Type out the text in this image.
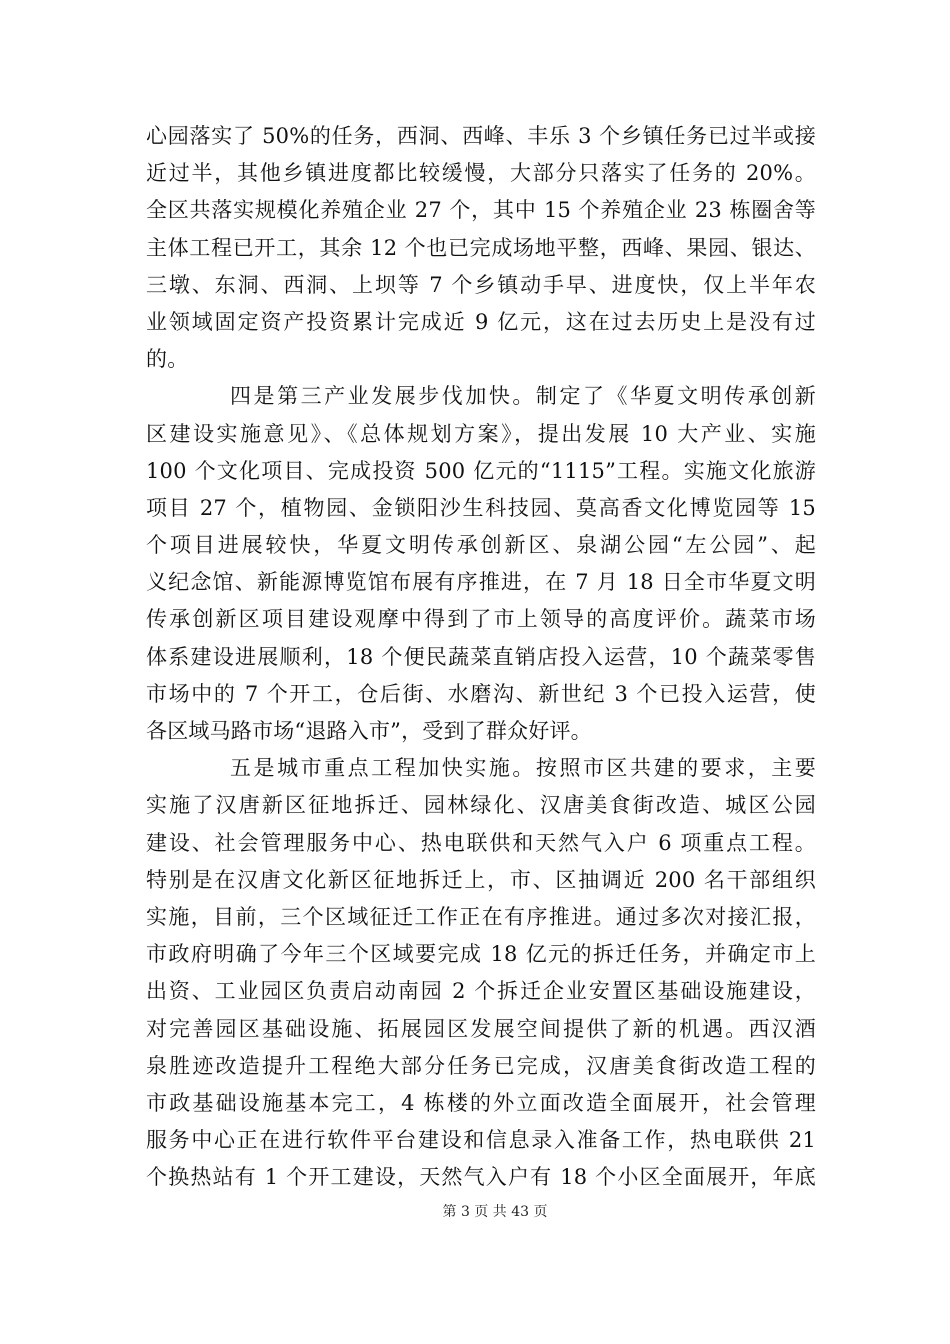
心园落实了 50%的任务，西洞、西峰、丰乐 3 个乡镇任务已过半或接
近过半，其他乡镇进度都比较缓慢，大部分只落实了任务的 20%。
全区共落实规模化养殖企业 27 个，其中 15 个养殖企业 23 栋圈舍等
主体工程已开工，其余 12 个也已完成场地平整，西峰、果园、银达、
三墩、东洞、西洞、上坝等 7 个乡镇动手早、进度快，仅上半年农
业领域固定资产投资累计完成近 9 亿元，这在过去历史上是没有过
的。
四是第三产业发展步伐加快。制定了《华夏文明传承创新
区建设实施意见》、《总体规划方案》，提出发展 10 大产业、实施
100 个文化项目、完成投资 500 亿元的“1115”工程。实施文化旅游
项目 27 个，植物园、金锁阳沙生科技园、莫高香文化博览园等 15
个项目进展较快，华夏文明传承创新区、泉湖公园“左公园”、起
义纪念馆、新能源博览馆布展有序推进，在 7 月 18 日全市华夏文明
传承创新区项目建设观摩中得到了市上领导的高度评价。蔬菜市场
体系建设进展顺利，18 个便民蔬菜直销店投入运营，10 个蔬菜零售
市场中的 7 个开工，仓后街、水磨沟、新世纪 3 个已投入运营，使
各区域马路市场“退路入市”，受到了群众好评。
五是城市重点工程加快实施。按照市区共建的要求，主要
实施了汉唐新区征地拆迁、园林绿化、汉唐美食街改造、城区公园
建设、社会管理服务中心、热电联供和天然气入户 6 项重点工程。
特别是在汉唐文化新区征地拆迁上，市、区抽调近 200 名干部组织
实施，目前，三个区域征迁工作正在有序推进。通过多次对接汇报，
市政府明确了今年三个区域要完成 18 亿元的拆迁任务，并确定市上
出资、工业园区负责启动南园 2 个拆迁企业安置区基础设施建设，
对完善园区基础设施、拓展园区发展空间提供了新的机遇。西汉酒
泉胜迹改造提升工程绝大部分任务已完成，汉唐美食街改造工程的
市政基础设施基本完工，4 栋楼的外立面改造全面展开，社会管理
服务中心正在进行软件平台建设和信息录入准备工作，热电联供 21
个换热站有 1 个开工建设，天然气入户有 18 个小区全面展开，年底
第 3 页 共 43 页
